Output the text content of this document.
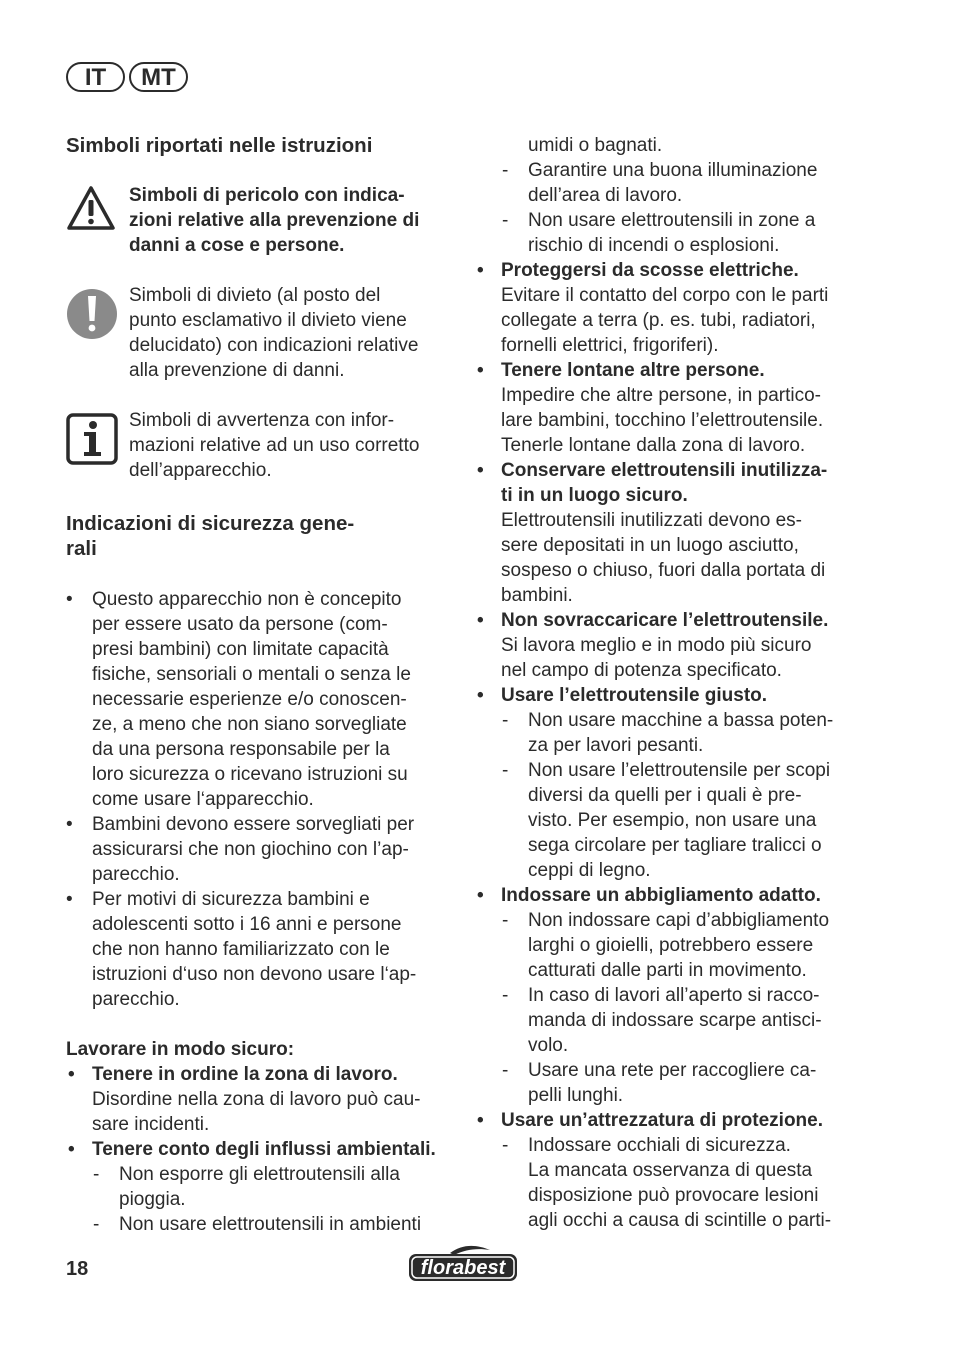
IT	MT
Simboli riportati nelle istruzioni

Simboli di pericolo con indica-

zioni relative alla prevenzione di

danni a cose e persone.

Simboli di divieto (al posto del

punto esclamativo il divieto viene

delucidato) con indicazioni relative

alla prevenzione di danni.

Simboli di avvertenza con infor-

mazioni relative ad un uso corretto

dell’apparecchio.

Indicazioni di sicurezza gene-
rali

• Questo apparecchio non è concepito

per essere usato da persone (com-

presi bambini) con limitate capacità

fisiche, sensoriali o mentali o senza le

necessarie esperienze e/o conoscen-

ze, a meno che non siano sorvegliate

da una persona responsabile per la

loro sicurezza o ricevano istruzioni su

come usare l‘apparecchio.

• Bambini devono essere sorvegliati per

assicurarsi che non giochino con l’ap-

parecchio.

• Per motivi di sicurezza bambini e

adolescenti sotto i 16 anni e persone

che non hanno familiarizzato con le

istruzioni d‘uso non devono usare l‘ap-

parecchio.

Lavorare in modo sicuro:

• Tenere in ordine la zona di lavoro.

Disordine nella zona di lavoro può cau-

sare incidenti.

• Tenere conto degli influssi ambientali.

- Non esporre gli elettroutensili alla

pioggia.

- Non usare elettroutensili in ambienti

umidi o bagnati.

- Garantire una buona illuminazione

dell’area di lavoro.

- Non usare elettroutensili in zone a

rischio di incendi o esplosioni.

• Proteggersi da scosse elettriche.

Evitare il contatto del corpo con le parti

collegate a terra (p. es. tubi, radiatori,

fornelli elettrici, frigoriferi).

• Tenere lontane altre persone.

Impedire che altre persone, in partico-

lare bambini, tocchino l’elettroutensile.

Tenerle lontane dalla zona di lavoro.

• Conservare elettroutensili inutilizza-

ti in un luogo sicuro.

Elettroutensili inutilizzati devono es-

sere depositati in un luogo asciutto,

sospeso o chiuso, fuori dalla portata di

bambini.

• Non sovraccaricare l’elettroutensile.

Si lavora meglio e in modo più sicuro

nel campo di potenza specificato.

• Usare l’elettroutensile giusto.

- Non usare macchine a bassa poten-

za per lavori pesanti.

- Non usare l’elettroutensile per scopi

diversi da quelli per i quali è pre-

visto. Per esempio, non usare una

sega circolare per tagliare tralicci o

ceppi di legno.

• Indossare un abbigliamento adatto.

- Non indossare capi d’abbigliamento

larghi o gioielli, potrebbero essere

catturati dalle parti in movimento.

- In caso di lavori all’aperto si racco-

manda di indossare scarpe antisci-

volo.

- Usare una rete per raccogliere ca-

pelli lunghi.

• Usare un’attrezzatura di protezione.

- Indossare occhiali di sicurezza.

La mancata osservanza di questa

disposizione può provocare lesioni

agli occhi a causa di scintille o parti-

18	florabest
